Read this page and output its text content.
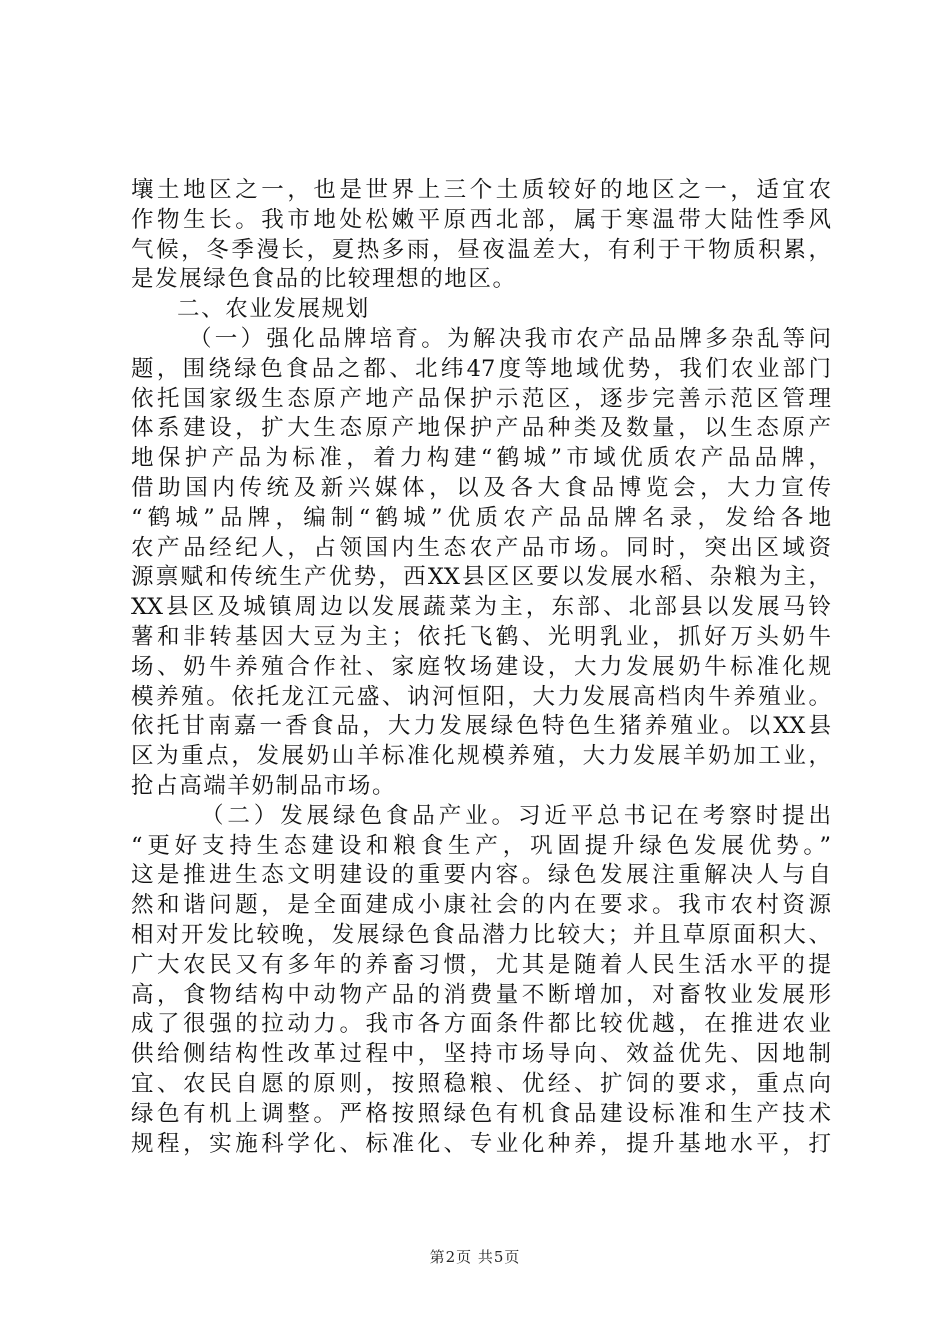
壤土地区之一，也是世界上三个土质较好的地区之一，适宜农
作物生长。我市地处松嫩平原西北部，属于寒温带大陆性季风
气候，冬季漫长，夏热多雨，昼夜温差大，有利于干物质积累，
是发展绿色食品的比较理想的地区。
二、农业发展规划
（一）强化品牌培育。为解决我市农产品品牌多杂乱等问
题，围绕绿色食品之都、北纬47度等地域优势，我们农业部门
依托国家级生态原产地产品保护示范区，逐步完善示范区管理
体系建设，扩大生态原产地保护产品种类及数量，以生态原产
地保护产品为标准，着力构建“鹤城”市域优质农产品品牌，
借助国内传统及新兴媒体，以及各大食品博览会，大力宣传
“鹤城”品牌，编制“鹤城”优质农产品品牌名录，发给各地
农产品经纪人，占领国内生态农产品市场。同时，突出区域资
源禀赋和传统生产优势，西XX县区区要以发展水稻、杂粮为主，
XX县区及城镇周边以发展蔬菜为主，东部、北部县以发展马铃
薯和非转基因大豆为主；依托飞鹤、光明乳业，抓好万头奶牛
场、奶牛养殖合作社、家庭牧场建设，大力发展奶牛标准化规
模养殖。依托龙江元盛、讷河恒阳，大力发展高档肉牛养殖业。
依托甘南嘉一香食品，大力发展绿色特色生猪养殖业。以XX县
区为重点，发展奶山羊标准化规模养殖，大力发展羊奶加工业，
抢占高端羊奶制品市场。
（二）发展绿色食品产业。习近平总书记在考察时提出
“更好支持生态建设和粮食生产，巩固提升绿色发展优势。”
这是推进生态文明建设的重要内容。绿色发展注重解决人与自
然和谐问题，是全面建成小康社会的内在要求。我市农村资源
相对开发比较晚，发展绿色食品潜力比较大；并且草原面积大、
广大农民又有多年的养畜习惯，尤其是随着人民生活水平的提
高，食物结构中动物产品的消费量不断增加，对畜牧业发展形
成了很强的拉动力。我市各方面条件都比较优越，在推进农业
供给侧结构性改革过程中，坚持市场导向、效益优先、因地制
宜、农民自愿的原则，按照稳粮、优经、扩饲的要求，重点向
绿色有机上调整。严格按照绿色有机食品建设标准和生产技术
规程，实施科学化、标准化、专业化种养，提升基地水平，打
第2页 共5页
